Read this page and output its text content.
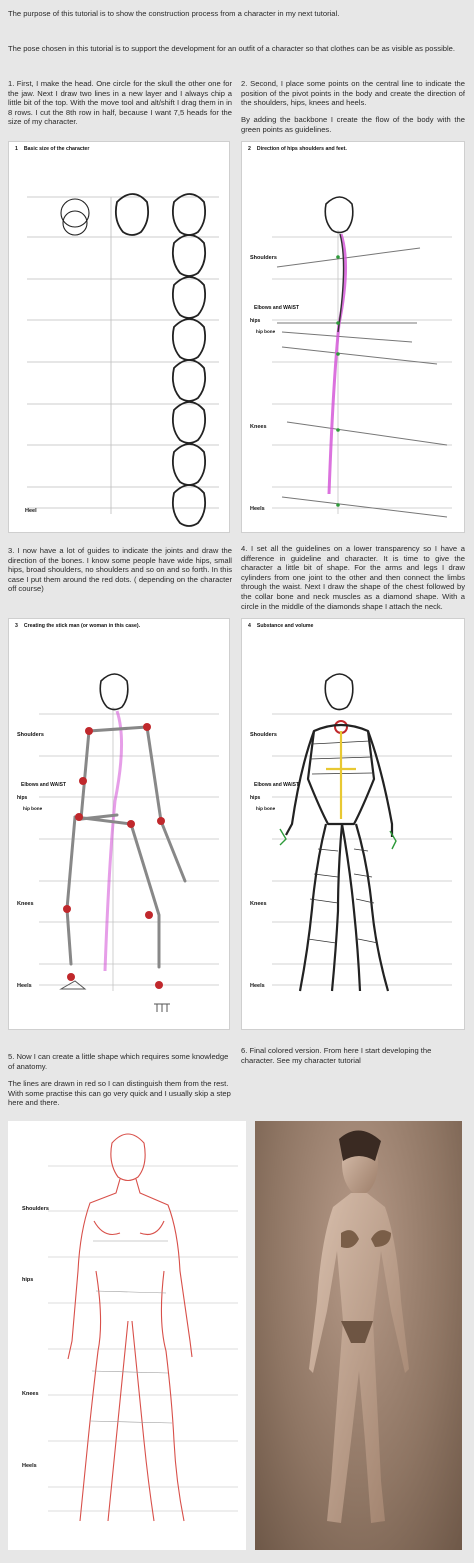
The purpose of this tutorial is to show the construction process from a character in my next tutorial.

The pose chosen in this tutorial is to support the development for an outfit of a character so that clothes can be as visible as possible.

1. First, I make the head. One circle for the skull the other one for the jaw. Next I draw two lines in a new layer and I always chip a little bit of the top. With the move tool and alt/shift I drag them in in 8 rows. I cut the 8th row in half, because I want 7,5 heads for the size of my character.

2. Second, I place some points on the central line to indicate the position of the pivot points in the body and create the direction of the shoulders, hips, knees and heels.

By adding the backbone I create the flow of the body with the green points as guidelines.

1 Basic size of the character
Heel
2 Direction of hips shoulders and feet.
Shoulders
Elbows and WAIST
hips
hip bone
Knees
Heels

3. I now have a lot of guides to indicate the joints and draw the direction of the bones. I know some people have wide hips, small hips, broad shoulders, no shoulders and so on and so forth. In this case I put them around the red dots. ( depending on the character off course)

4. I set all the guidelines on a lower transparency so I have a difference in guideline and character. It is time to give the character a little bit of shape. For the arms and legs I draw cylinders from one joint to the other and then connect the limbs through the waist. Next I draw the shape of the chest followed by the collar bone and neck muscles as a diamond shape. With a circle in the middle of the diamonds shape I attach the neck.

3 Creating the stick man (or woman in this case).
Shoulders
Elbows and WAIST
hips
hip bone
Knees
Heels
4 Substance and volume
Shoulders
Elbows and WAIST
hips
hip bone
Knees
Heels

5. Now I can create a little shape which requires some knowledge of anatomy.

The lines are drawn in red so I can distinguish them from the rest. With some practise this can go very quick and I usually skip a step here and there.

6. Final colored version. From here I start developing the character. See my character tutorial

Shoulders
hips
Knees
Heels
